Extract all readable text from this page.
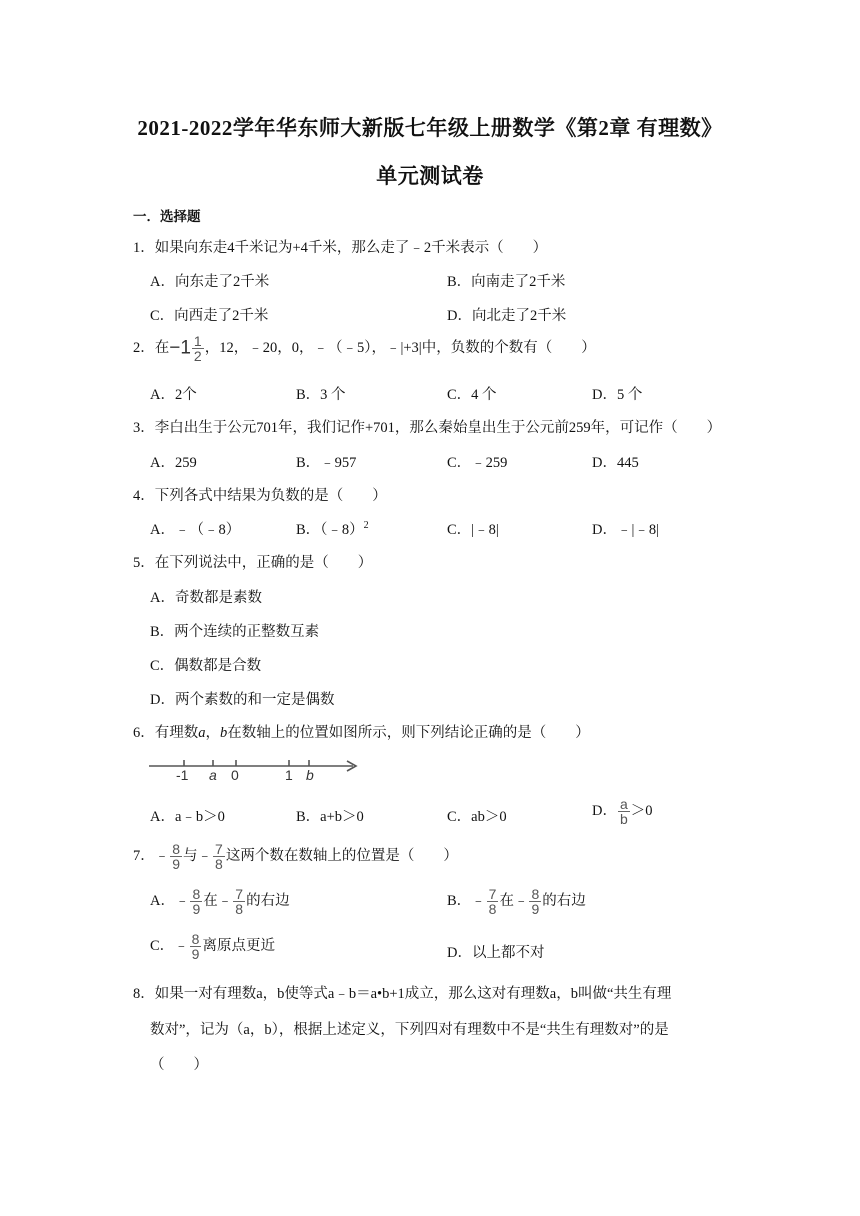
2021-2022学年华东师大新版七年级上册数学《第2章 有理数》
单元测试卷
一．选择题
1．如果向东走4千米记为+4千米，那么走了﹣2千米表示（　　）
A．向东走了2千米	B．向南走了2千米
C．向西走了2千米	D．向北走了2千米
2．在$-1 \frac{1}{2}$ ，12，﹣20，0，﹣（﹣5），﹣|+3|中，负数的个数有（　　）
A．2个	B．3 个	C．4 个	D．5 个
3．李白出生于公元701年，我们记作+701，那么秦始皇出生于公元前259年，可记作（　　）
A．259	B．﹣957	C．﹣259	D．445
4．下列各式中结果为负数的是（　　）
A．﹣（﹣8）	B．（﹣8）$^2$	C．|﹣8|	D．﹣|﹣8|
5．在下列说法中，正确的是（　　）
A．奇数都是素数
B．两个连续的正整数互素
C．偶数都是合数
D．两个素数的和一定是偶数
6．有理数a，b在数轴上的位置如图所示，则下列结论正确的是（　　）
-1 a 0	1 b
A．a﹣b＞0	B．a+b＞0	C．ab＞0	D． $\frac{a}{b} >0$
7．﹣ $\frac{8}{9}$ 与﹣ $\frac{7}{8}$ 这两个数在数轴上的位置是（　　）
A．﹣ $\frac{8}{9}$ 在﹣ $\frac{7}{8}$ 的右边	B．﹣ $\frac{7}{8}$ 在﹣ $\frac{8}{9}$ 的右边
C．﹣ $\frac{8}{9}$ 离原点更近	D．以上都不对
8．如果一对有理数a，b使等式a﹣b＝a•b+1成立，那么这对有理数a，b叫做“共生有理
数对”，记为（a，b），根据上述定义，下列四对有理数中不是“共生有理数对”的是
（　　）
